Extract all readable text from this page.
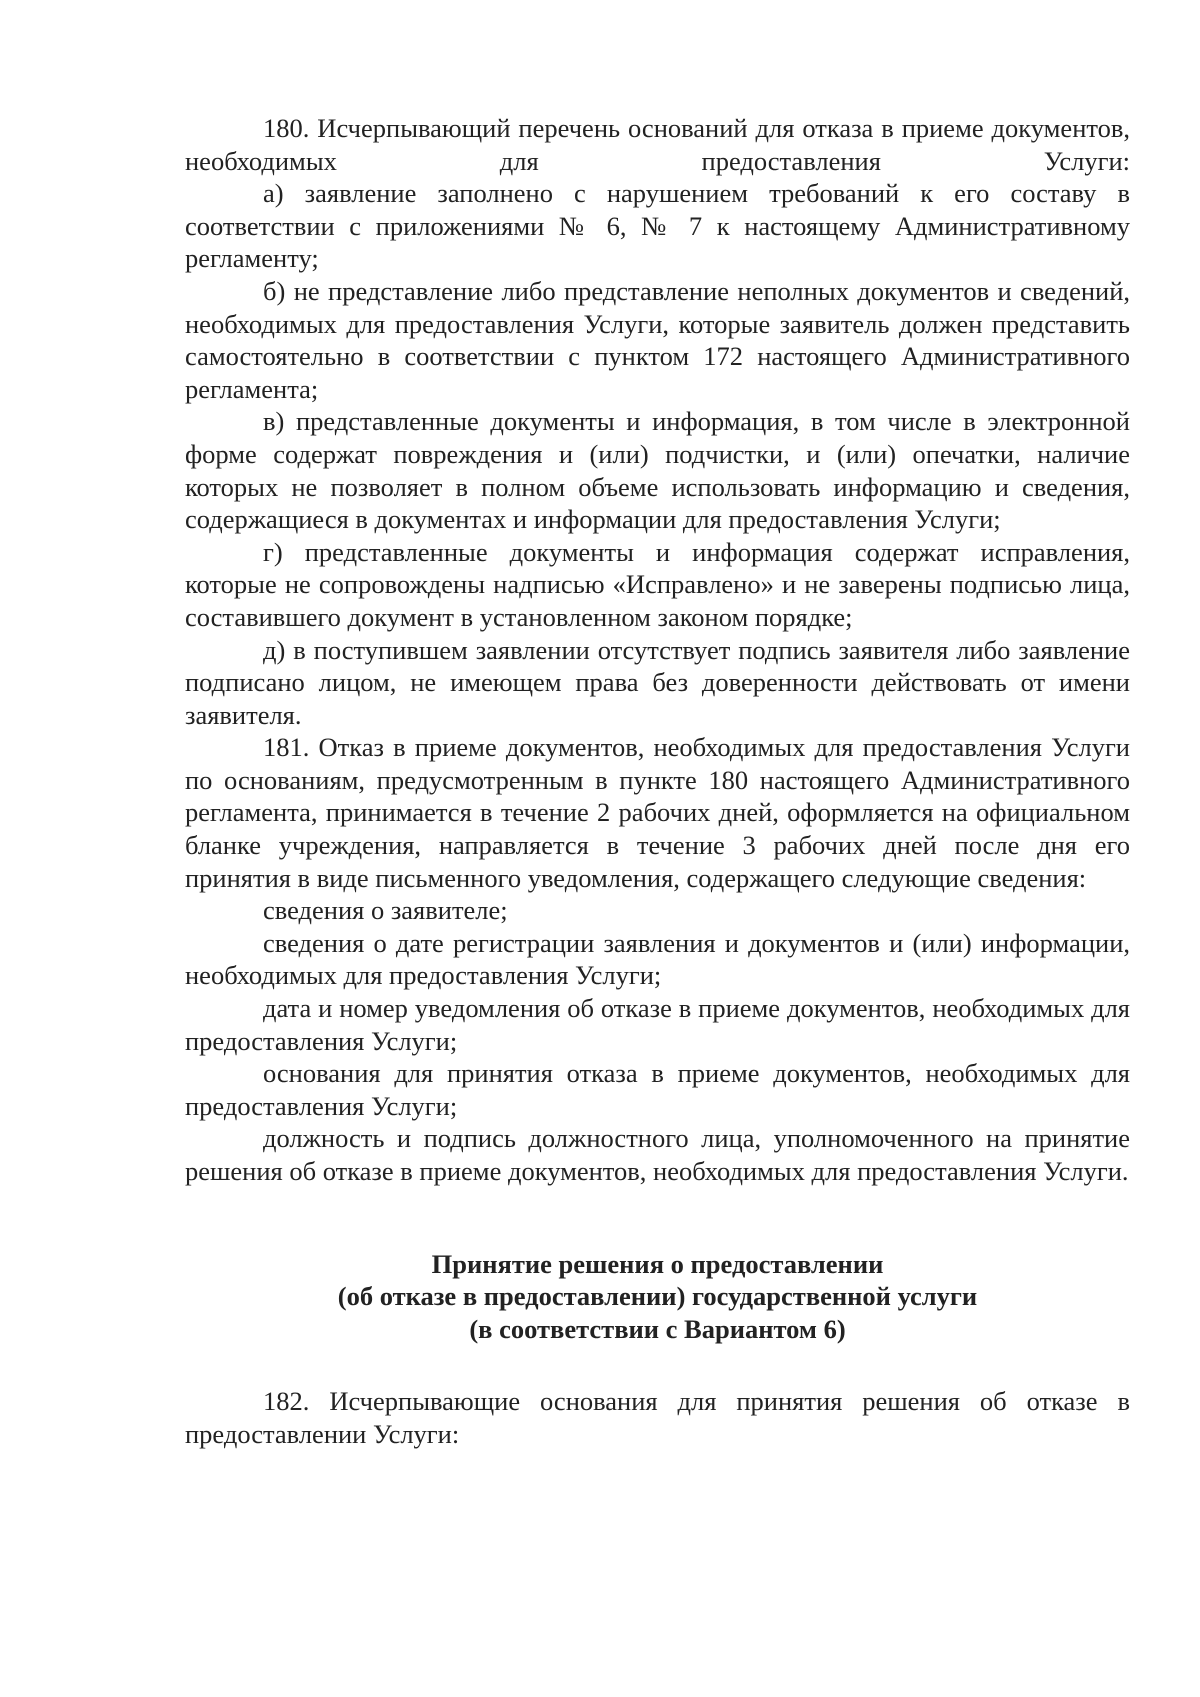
180. Исчерпывающий перечень оснований для отказа в приеме документов, необходимых для предоставления Услуги:

а) заявление заполнено с нарушением требований к его составу в соответствии с приложениями № 6, № 7 к настоящему Административному регламенту;

б) не представление либо представление неполных документов и сведений, необходимых для предоставления Услуги, которые заявитель должен представить самостоятельно в соответствии с пунктом 172 настоящего Административного регламента;

в) представленные документы и информация, в том числе в электронной форме содержат повреждения и (или) подчистки, и (или) опечатки, наличие которых не позволяет в полном объеме использовать информацию и сведения, содержащиеся в документах и информации для предоставления Услуги;

г) представленные документы и информация содержат исправления, которые не сопровождены надписью «Исправлено» и не заверены подписью лица, составившего документ в установленном законом порядке;

д) в поступившем заявлении отсутствует подпись заявителя либо заявление подписано лицом, не имеющем права без доверенности действовать от имени заявителя.

181. Отказ в приеме документов, необходимых для предоставления Услуги по основаниям, предусмотренным в пункте 180 настоящего Административного регламента, принимается в течение 2 рабочих дней, оформляется на официальном бланке учреждения, направляется в течение 3 рабочих дней после дня его принятия в виде письменного уведомления, содержащего следующие сведения:

сведения о заявителе;

сведения о дате регистрации заявления и документов и (или) информации, необходимых для предоставления Услуги;

дата и номер уведомления об отказе в приеме документов, необходимых для предоставления Услуги;

основания для принятия отказа в приеме документов, необходимых для предоставления Услуги;

должность и подпись должностного лица, уполномоченного на принятие решения об отказе в приеме документов, необходимых для предоставления Услуги.

Принятие решения о предоставлении
(об отказе в предоставлении) государственной услуги
(в соответствии с Вариантом 6)

182. Исчерпывающие основания для принятия решения об отказе в предоставлении Услуги:
